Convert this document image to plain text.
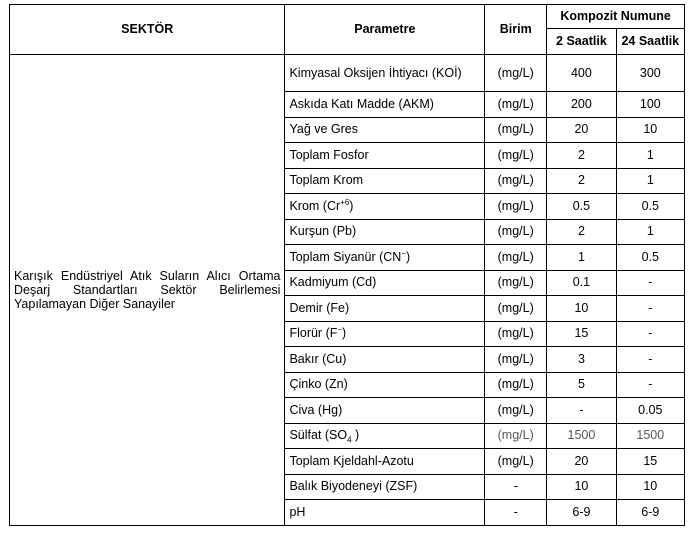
SEKTÖR	Parametre	Birim	Kompozit Numune	
			2 Saatlik	24 Saatlik
Karışık Endüstriyel Atık Suların Alıcı Ortama Deşarj Standartları Sektör Belirlemesi Yapılamayan Diğer Sanayiler	Kimyasal Oksijen İhtiyacı (KOİ)	(mg/L)	400	300
	Askıda Katı Madde (AKM)	(mg/L)	200	100
	Yağ ve Gres	(mg/L)	20	10
	Toplam Fosfor	(mg/L)	2	1
	Toplam Krom	(mg/L)	2	1
	Krom $(Cr^{+6})$	(mg/L)	0.5	0.5
	Kurşun (Pb)	(mg/L)	2	1
	Toplam Siyanür (CN−)	(mg/L)	1	0.5
	Kadmiyum (Cd)	(mg/L)	0.1	-
	Demir (Fe)	(mg/L)	10	-
	Florür (F−)	(mg/L)	15	-
	Bakır (Cu)	(mg/L)	3	-
	Çinko (Zn)	(mg/L)	5	-
	Civa (Hg)	(mg/L)	-	0.05
	Sülfat ($SO_4$ )	(mg/L)	1500	1500
	Toplam Kjeldahl-Azotu	(mg/L)	20	15
	Balık Biyodeneyi (ZSF)	-	10	10
	pH	-	6-9	6-9
